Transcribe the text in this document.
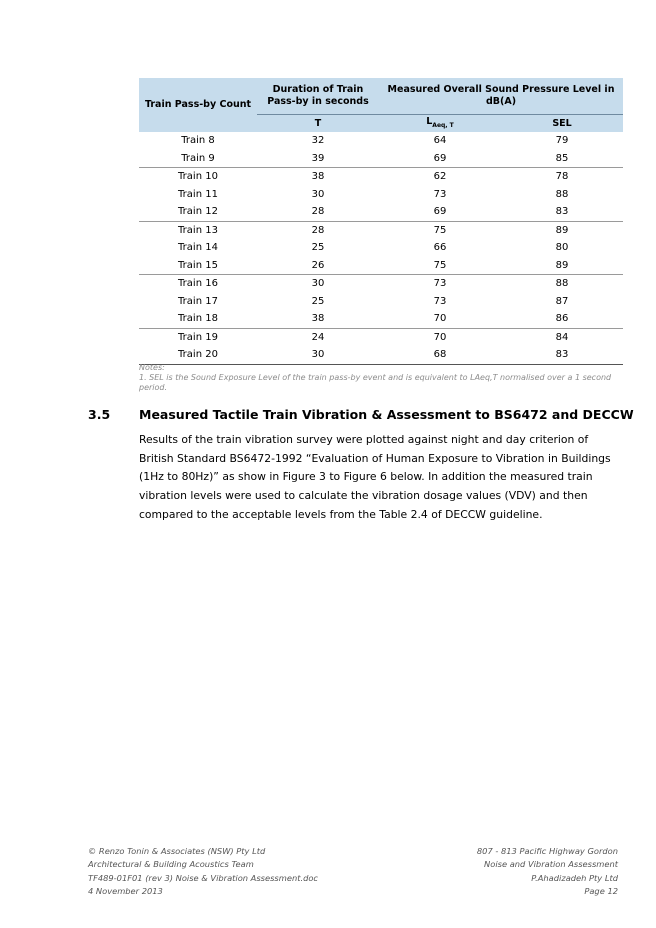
Train Pass-by Count	Duration of Train Pass-by in seconds	Measured Overall Sound Pressure Level in dB(A)	
	T	$L_{Aeq, T}$	SEL
Train 8	32	64	79
Train 9	39	69	85
Train 10	38	62	78
Train 11	30	73	88
Train 12	28	69	83
Train 13	28	75	89
Train 14	25	66	80
Train 15	26	75	89
Train 16	30	73	88
Train 17	25	73	87
Train 18	38	70	86
Train 19	24	70	84
Train 20	30	68	83

Notes:

1. SEL is the Sound Exposure Level of the train pass-by event and is equivalent to LAeq,T normalised over a 1 second period.

3.5 Measured Tactile Train Vibration & Assessment to BS6472 and DECCW

Results of the train vibration survey were plotted against night and day criterion of British Standard BS6472-1992 “Evaluation of Human Exposure to Vibration in Buildings (1Hz to 80Hz)” as show in Figure 3 to Figure 6 below. In addition the measured train vibration levels were used to calculate the vibration dosage values (VDV) and then compared to the acceptable levels from the Table 2.4 of DECCW guideline.

© Renzo Tonin & Associates (NSW) Pty Ltd
Architectural & Building Acoustics Team
TF489-01F01 (rev 3) Noise & Vibration Assessment.doc
4 November 2013
807 - 813 Pacific Highway Gordon
Noise and Vibration Assessment
P.Ahadizadeh Pty Ltd
Page 12
